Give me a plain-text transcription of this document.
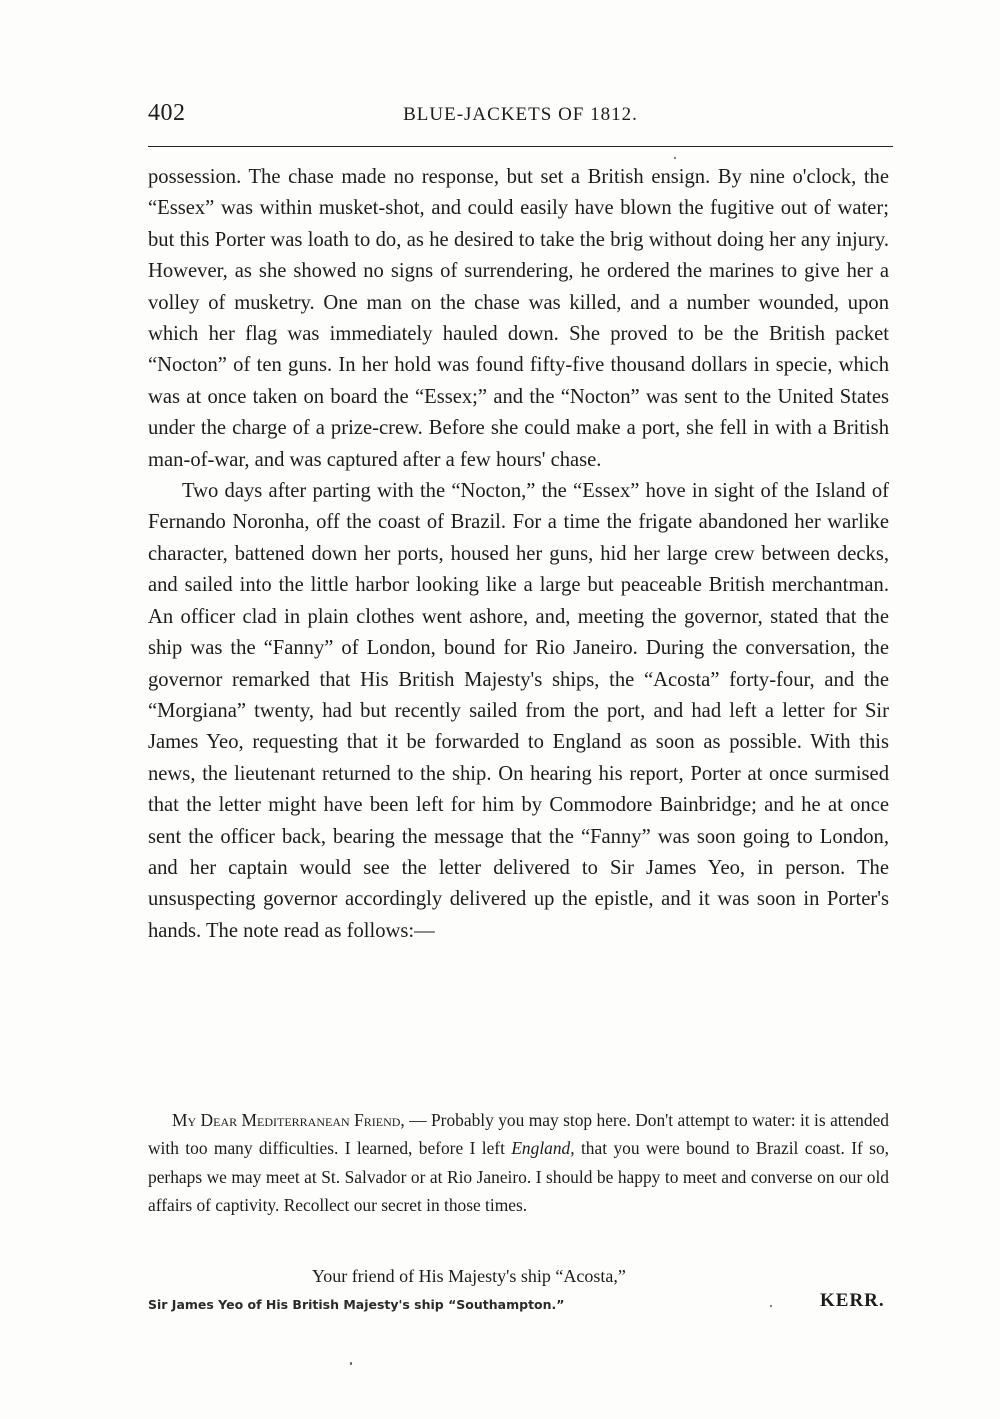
402	BLUE-JACKETS OF 1812.

possession. The chase made no response, but set a British ensign. By nine o'clock, the “Essex” was within musket-shot, and could easily have blown the fugitive out of water; but this Porter was loath to do, as he desired to take the brig without doing her any injury. However, as she showed no signs of surrendering, he ordered the marines to give her a volley of musketry. One man on the chase was killed, and a number wounded, upon which her flag was immediately hauled down. She proved to be the British packet “Nocton” of ten guns. In her hold was found fifty-five thousand dollars in specie, which was at once taken on board the “Essex;” and the “Nocton” was sent to the United States under the charge of a prize-crew. Before she could make a port, she fell in with a British man-of-war, and was captured after a few hours' chase.

Two days after parting with the “Nocton,” the “Essex” hove in sight of the Island of Fernando Noronha, off the coast of Brazil. For a time the frigate abandoned her warlike character, battened down her ports, housed her guns, hid her large crew between decks, and sailed into the little harbor looking like a large but peaceable British merchantman. An officer clad in plain clothes went ashore, and, meeting the governor, stated that the ship was the “Fanny” of London, bound for Rio Janeiro. During the conversation, the governor remarked that His British Majesty's ships, the “Acosta” forty-four, and the “Morgiana” twenty, had but recently sailed from the port, and had left a letter for Sir James Yeo, requesting that it be forwarded to England as soon as possible. With this news, the lieutenant returned to the ship. On hearing his report, Porter at once surmised that the letter might have been left for him by Commodore Bainbridge; and he at once sent the officer back, bearing the message that the “Fanny” was soon going to London, and her captain would see the letter delivered to Sir James Yeo, in person. The unsuspecting governor accordingly delivered up the epistle, and it was soon in Porter's hands. The note read as follows:—

My Dear Mediterranean Friend, — Probably you may stop here. Don't attempt to water: it is attended with too many difficulties. I learned, before I left England, that you were bound to Brazil coast. If so, perhaps we may meet at St. Salvador or at Rio Janeiro. I should be happy to meet and converse on our old affairs of captivity. Recollect our secret in those times.

Your friend of His Majesty's ship “Acosta,”
Sir James Yeo of His British Majesty's ship “Southampton.”	KERR.
